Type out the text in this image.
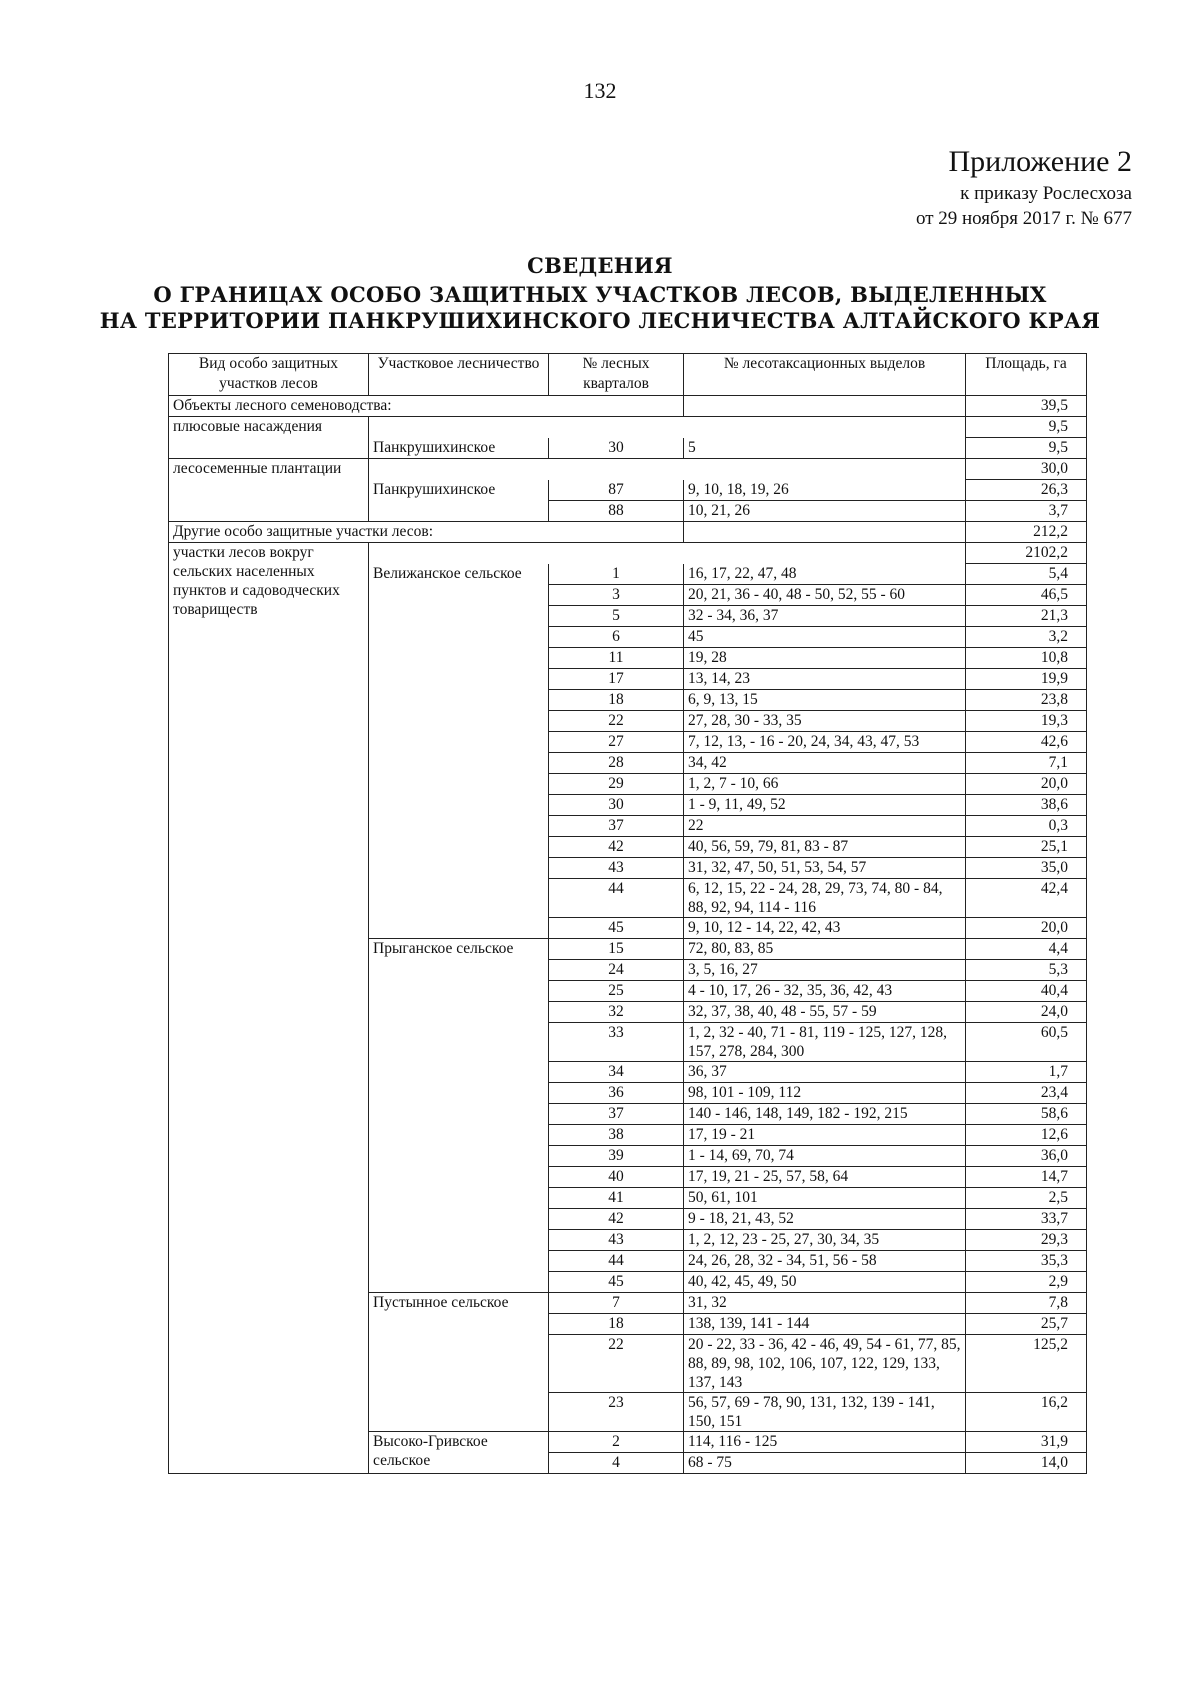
132
Приложение 2
к приказу Рослесхоза
от 29 ноября 2017 г. № 677
СВЕДЕНИЯ
О ГРАНИЦАХ ОСОБО ЗАЩИТНЫХ УЧАСТКОВ ЛЕСОВ, ВЫДЕЛЕННЫХ
НА ТЕРРИТОРИИ ПАНКРУШИХИНСКОГО ЛЕСНИЧЕСТВА АЛТАЙСКОГО КРАЯ
Вид особо защитных участков лесов	Участковое лесничество	№ лесных кварталов	№ лесотаксационных выделов	Площадь, га
Объекты лесного семеноводства:				39,5
плюсовые насаждения				9,5
	Панкрушихинское	30	5	9,5
лесосеменные плантации				30,0
	Панкрушихинское	87	9, 10, 18, 19, 26	26,3
		88	10, 21, 26	3,7
Другие особо защитные участки лесов:				212,2
участки лесов вокруг сельских населенных пунктов и садоводческих товариществ				2102,2
	Велижанское сельское	1	16, 17, 22, 47, 48	5,4
		3	20, 21, 36 - 40, 48 - 50, 52, 55 - 60	46,5
		5	32 - 34, 36, 37	21,3
		6	45	3,2
		11	19, 28	10,8
		17	13, 14, 23	19,9
		18	6, 9, 13, 15	23,8
		22	27, 28, 30 - 33, 35	19,3
		27	7, 12, 13, - 16 - 20, 24, 34, 43, 47, 53	42,6
		28	34, 42	7,1
		29	1, 2, 7 - 10, 66	20,0
		30	1 - 9, 11, 49, 52	38,6
		37	22	0,3
		42	40, 56, 59, 79, 81, 83 - 87	25,1
		43	31, 32, 47, 50, 51, 53, 54, 57	35,0
		44	6, 12, 15, 22 - 24, 28, 29, 73, 74, 80 - 84, 88, 92, 94, 114 - 116	42,4
		45	9, 10, 12 - 14, 22, 42, 43	20,0
	Прыганское сельское	15	72, 80, 83, 85	4,4
		24	3, 5, 16, 27	5,3
		25	4 - 10, 17, 26 - 32, 35, 36, 42, 43	40,4
		32	32, 37, 38, 40, 48 - 55, 57 - 59	24,0
		33	1, 2, 32 - 40, 71 - 81, 119 - 125, 127, 128, 157, 278, 284, 300	60,5
		34	36, 37	1,7
		36	98, 101 - 109, 112	23,4
		37	140 - 146, 148, 149, 182 - 192, 215	58,6
		38	17, 19 - 21	12,6
		39	1 - 14, 69, 70, 74	36,0
		40	17, 19, 21 - 25, 57, 58, 64	14,7
		41	50, 61, 101	2,5
		42	9 - 18, 21, 43, 52	33,7
		43	1, 2, 12, 23 - 25, 27, 30, 34, 35	29,3
		44	24, 26, 28, 32 - 34, 51, 56 - 58	35,3
		45	40, 42, 45, 49, 50	2,9
	Пустынное сельское	7	31, 32	7,8
		18	138, 139, 141 - 144	25,7
		22	20 - 22, 33 - 36, 42 - 46, 49, 54 - 61, 77, 85, 88, 89, 98, 102, 106, 107, 122, 129, 133, 137, 143	125,2
		23	56, 57, 69 - 78, 90, 131, 132, 139 - 141, 150, 151	16,2
	Высоко-Гривское сельское	2	114, 116 - 125	31,9
		4	68 - 75	14,0
